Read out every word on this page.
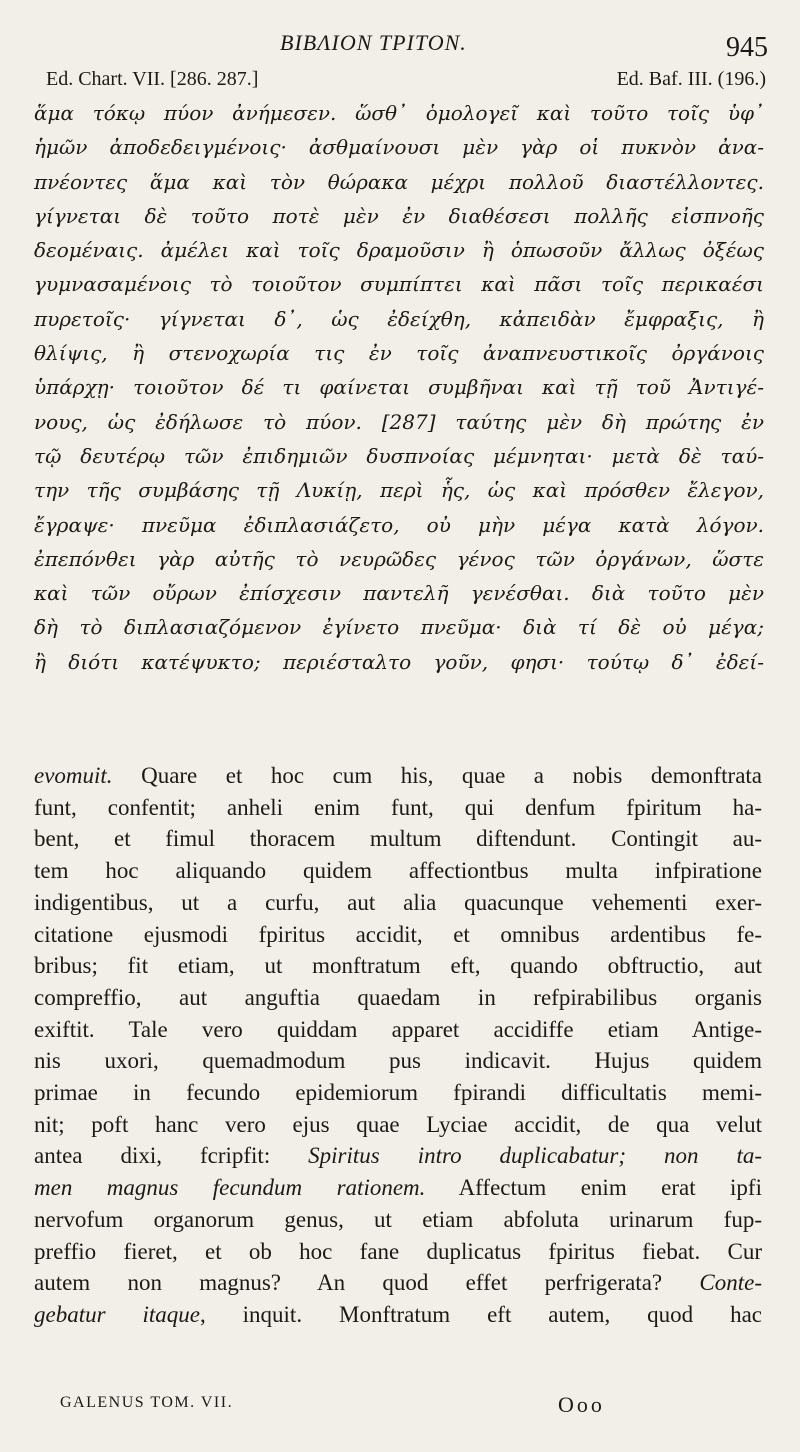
BIBΛION TPITON.	945
Ed. Chart. VII. [286. 287.]	Ed. Baf. III. (196.)
ἅμα τόκῳ πύον ἀνήμεσεν. ὥσθ᾽ ὁμολογεῖ καὶ τοῦτο τοῖς ὑφ᾽
ἡμῶν ἀποδεδειγμένοις· ἀσθμαίνουσι μὲν γὰρ οἱ πυκνὸν ἀνα-
πνέοντες ἅμα καὶ τὸν θώρακα μέχρι πολλοῦ διαστέλλοντες.
γίγνεται δὲ τοῦτο ποτὲ μὲν ἐν διαθέσεσι πολλῆς εἰσπνοῆς
δεομέναις. ἀμέλει καὶ τοῖς δραμοῦσιν ἢ ὁπωσοῦν ἄλλως ὀξέως
γυμνασαμένοις τὸ τοιοῦτον συμπίπτει καὶ πᾶσι τοῖς περικαέσι
πυρετοῖς· γίγνεται δ᾽, ὡς ἐδείχθη, κἀπειδὰν ἔμφραξις, ἢ
θλίψις, ἢ στενοχωρία τις ἐν τοῖς ἀναπνευστικοῖς ὀργάνοις
ὑπάρχῃ· τοιοῦτον δέ τι φαίνεται συμβῆναι καὶ τῇ τοῦ Ἀντιγέ-
νους, ὡς ἐδήλωσε τὸ πύον. [287] ταύτης μὲν δὴ πρώτης ἐν
τῷ δευτέρῳ τῶν ἐπιδημιῶν δυσπνοίας μέμνηται· μετὰ δὲ ταύ-
την τῆς συμβάσης τῇ Λυκίῃ, περὶ ἧς, ὡς καὶ πρόσθεν ἔλεγον,
ἔγραψε· πνεῦμα ἐδιπλασιάζετο, οὐ μὴν μέγα κατὰ λόγον.
ἐπεπόνθει γὰρ αὐτῆς τὸ νευρῶδες γένος τῶν ὀργάνων, ὥστε
καὶ τῶν οὔρων ἐπίσχεσιν παντελῆ γενέσθαι. διὰ τοῦτο μὲν
δὴ τὸ διπλασιαζόμενον ἐγίνετο πνεῦμα· διὰ τί δὲ οὐ μέγα;
ἢ διότι κατέψυκτο; περιέσταλτο γοῦν, φησι· τούτῳ δ᾽ ἐδεί-
evomuit. Quare et hoc cum his, quae a nobis demonftrata
funt, confentit; anheli enim funt, qui denfum fpiritum ha-
bent, et fimul thoracem multum diftendunt. Contingit au-
tem hoc aliquando quidem affectiontbus multa infpiratione
indigentibus, ut a curfu, aut alia quacunque vehementi exer-
citatione ejusmodi fpiritus accidit, et omnibus ardentibus fe-
bribus; fit etiam, ut monftratum eft, quando obftructio, aut
compreffio, aut anguftia quaedam in refpirabilibus organis
exiftit. Tale vero quiddam apparet accidiffe etiam Antige-
nis uxori, quemadmodum pus indicavit. Hujus quidem
primae in fecundo epidemiorum fpirandi difficultatis memi-
nit; poft hanc vero ejus quae Lyciae accidit, de qua velut
antea dixi, fcripfit: Spiritus intro duplicabatur; non ta-
men magnus fecundum rationem. Affectum enim erat ipfi
nervofum organorum genus, ut etiam abfoluta urinarum fup-
preffio fieret, et ob hoc fane duplicatus fpiritus fiebat. Cur
autem non magnus? An quod effet perfrigerata? Conte-
gebatur itaque, inquit. Monftratum eft autem, quod hac
GALENUS TOM. VII.	Ooo
